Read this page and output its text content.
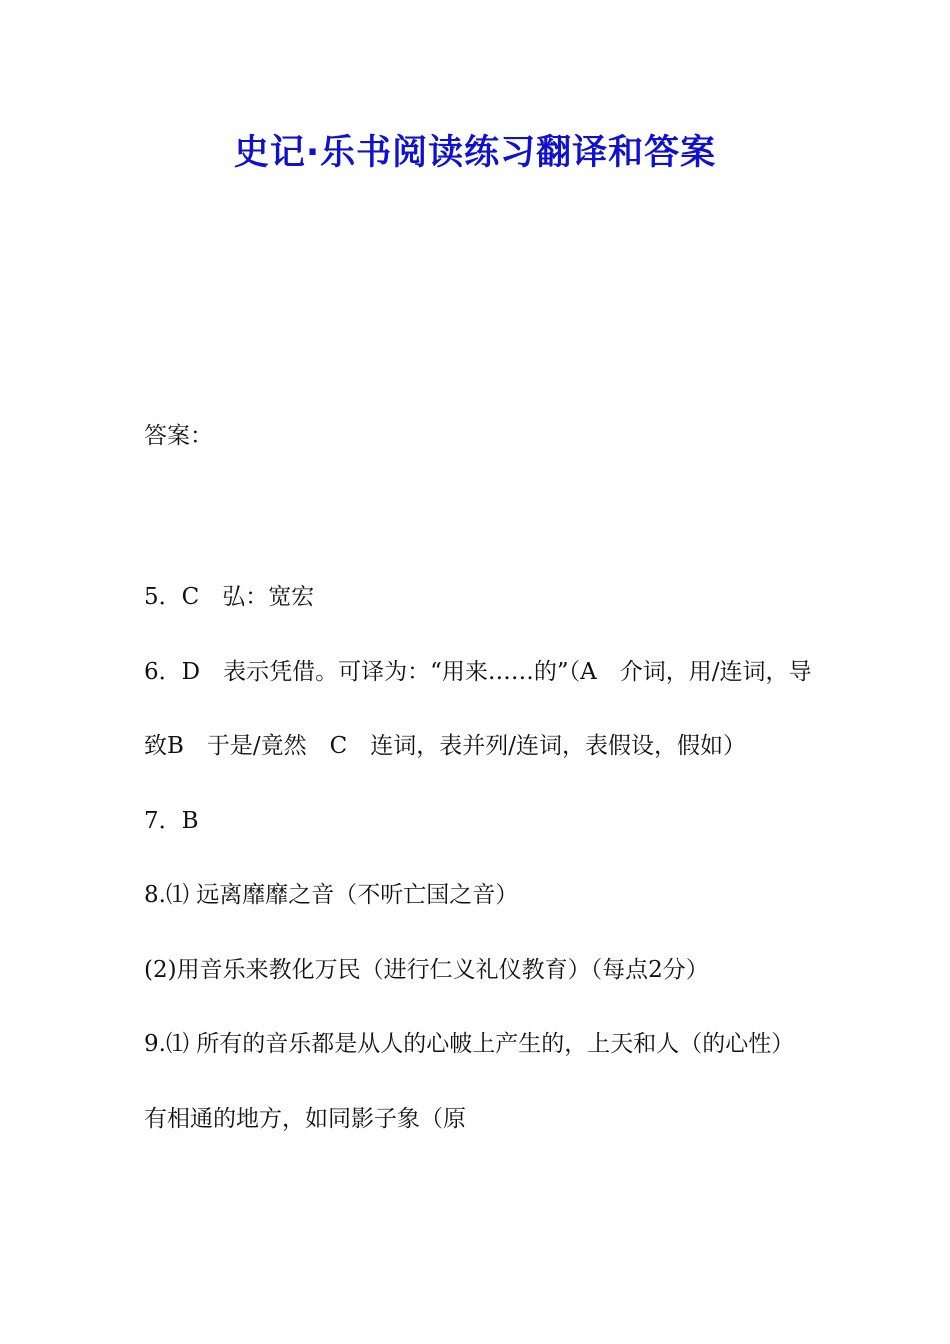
史记·乐书阅读练习翻译和答案
答案：

5．C　弘：宽宏

6．D　表示凭借。可译为：“用来……的”（A　介词，用/连词，导致B　于是/竟然　C　连词，表并列/连词，表假设，假如）

7．B

8.⑴ 远离靡靡之音（不听亡国之音）

(2)用音乐来教化万民（进行仁义礼仪教育）（每点2分）

9.⑴ 所有的音乐都是从人的心帔上产生的，上天和人（的心性）有相通的地方，如同影子象（原
